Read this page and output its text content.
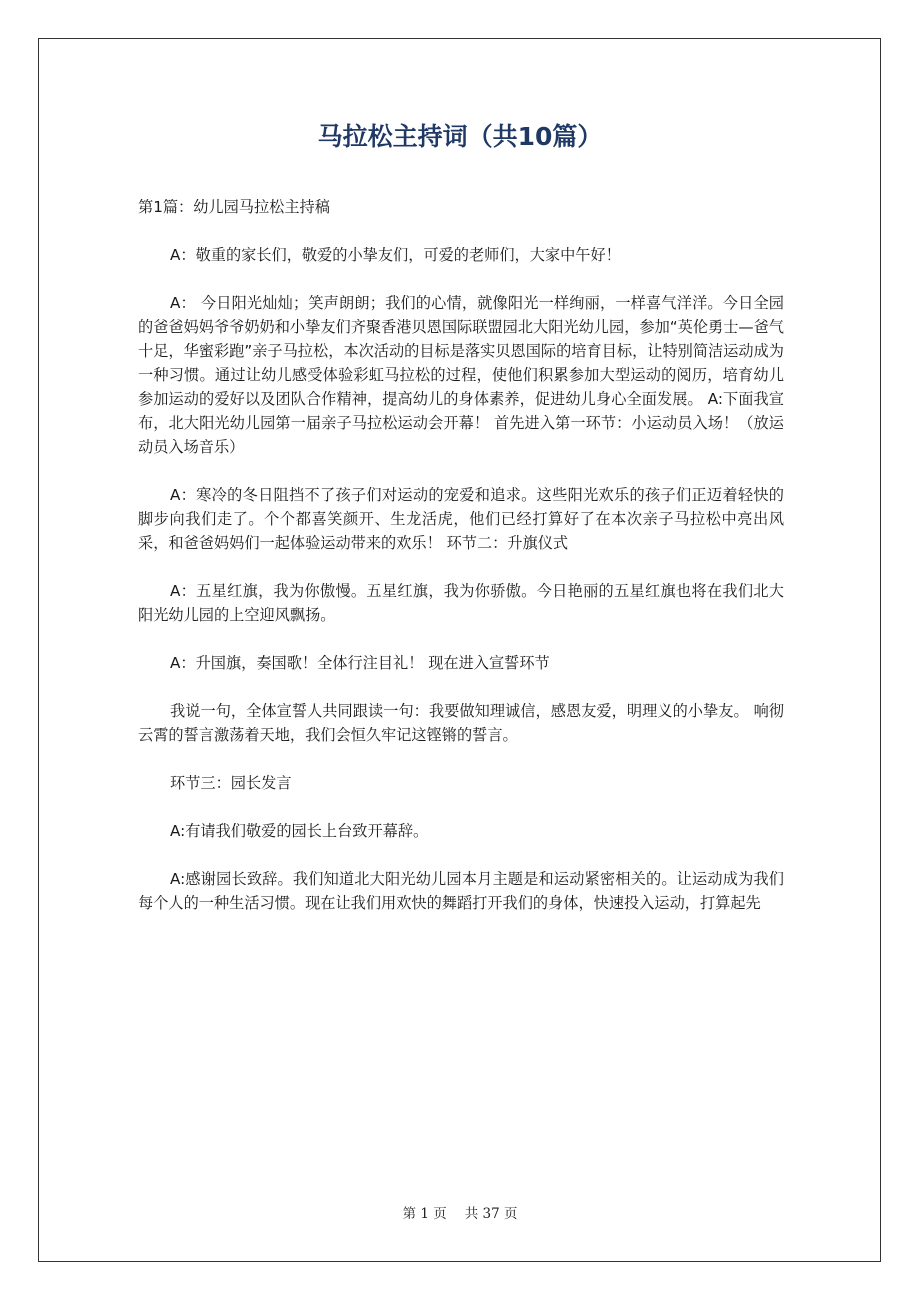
马拉松主持词（共10篇）

第1篇：幼儿园马拉松主持稿

A：敬重的家长们，敬爱的小挚友们，可爱的老师们，大家中午好！

A： 今日阳光灿灿；笑声朗朗；我们的心情，就像阳光一样绚丽，一样喜气洋洋。今日全园的爸爸妈妈爷爷奶奶和小挚友们齐聚香港贝恩国际联盟园北大阳光幼儿园，参加“英伦勇士—爸气十足，华蜜彩跑”亲子马拉松，本次活动的目标是落实贝恩国际的培育目标，让特别简洁运动成为一种习惯。通过让幼儿感受体验彩虹马拉松的过程，使他们积累参加大型运动的阅历，培育幼儿参加运动的爱好以及团队合作精神，提高幼儿的身体素养，促进幼儿身心全面发展。 A:下面我宣布，北大阳光幼儿园第一届亲子马拉松运动会开幕！ 首先进入第一环节：小运动员入场！（放运动员入场音乐）

A：寒冷的冬日阻挡不了孩子们对运动的宠爱和追求。这些阳光欢乐的孩子们正迈着轻快的脚步向我们走了。个个都喜笑颜开、生龙活虎，他们已经打算好了在本次亲子马拉松中亮出风采，和爸爸妈妈们一起体验运动带来的欢乐！ 环节二：升旗仪式

A：五星红旗，我为你傲慢。五星红旗，我为你骄傲。今日艳丽的五星红旗也将在我们北大阳光幼儿园的上空迎风飘扬。

A：升国旗，奏国歌！全体行注目礼！ 现在进入宣誓环节

我说一句，全体宣誓人共同跟读一句：我要做知理诚信，感恩友爱，明理义的小挚友。 响彻云霄的誓言激荡着天地，我们会恒久牢记这铿锵的誓言。

环节三：园长发言

A:有请我们敬爱的园长上台致开幕辞。

A:感谢园长致辞。我们知道北大阳光幼儿园本月主题是和运动紧密相关的。让运动成为我们每个人的一种生活习惯。现在让我们用欢快的舞蹈打开我们的身体，快速投入运动，打算起先

第 1 页 共 37 页
